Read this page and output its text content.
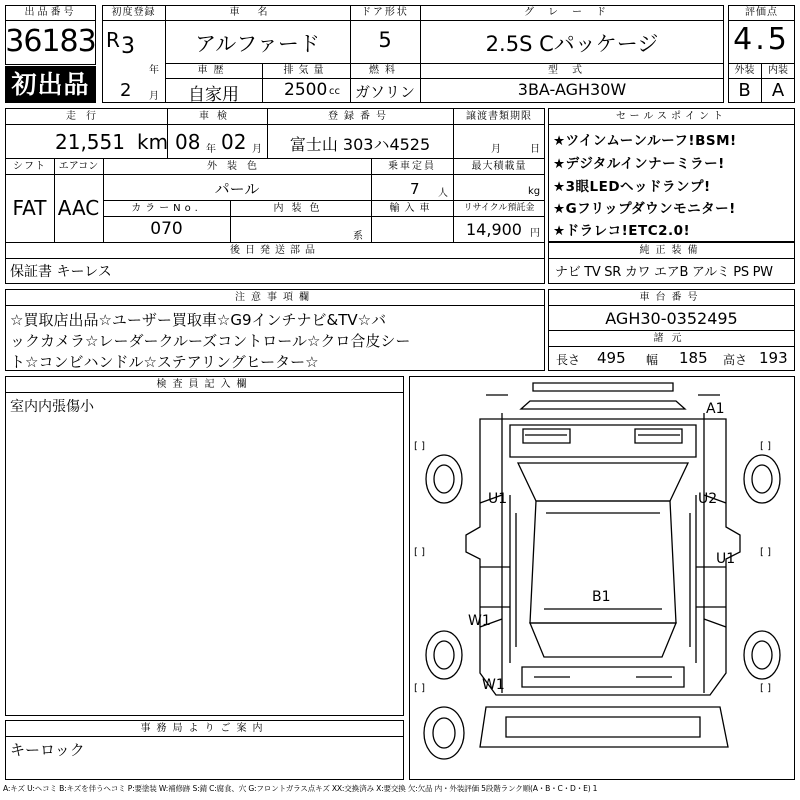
出品番号
36183
初出品
初度登録
R 3
年
2 月
車名
アルファード
ドア形状
5
グレード
2.5S Cパッケージ
車歴
自家用
排気量
2500 cc
燃料
ガソリン
型式
3BA-AGH30W
評価点
4.5
外装	内装
B	A
走行
21,551 km
車検
08 年 02 月
登録番号
富士山 303ハ4525
譲渡書類期限
月	日
シフト	エアコン
FAT AAC
外装色
パール
乗車定員
7 人
最大積載量
kg
カラーNo.
070
内装色
系
輸入車	リサイクル預託金
14,900 円
後日発送部品
保証書 キーレス
セールスポイント
★ツインムーンルーフ!BSM!
★デジタルインナーミラー!
★3眼LEDヘッドランプ!
★Gフリップダウンモニター!
★ドラレコ!ETC2.0!
純正装備
ナビ TV SR カワ エアB アルミ PS PW
注意事項欄
☆買取店出品☆ユーザー買取車☆G9インチナビ&TV☆バ
ックカメラ☆レーダークルーズコントロール☆クロ合皮シー
ト☆コンビハンドル☆ステアリングヒーター☆
車台番号
AGH30-0352495
諸元
長さ 495 幅 185 高さ 193
検査員記入欄
室内内張傷小
事務局よりご案内
キーロック
A1
U1	U2
U1
B1
W1
W1
[ ]	[ ]
[ ]	[ ]
[ ]	[ ]
A:キズ U:ヘコミ B:キズを伴うヘコミ P:要塗装 W:補修跡 S:錆 C:腐食、穴 G:フロントガラス点キズ XX:交換済み X:要交換 欠:欠品 内・外装評価 5段階ランク順(A・B・C・D・E) 1
